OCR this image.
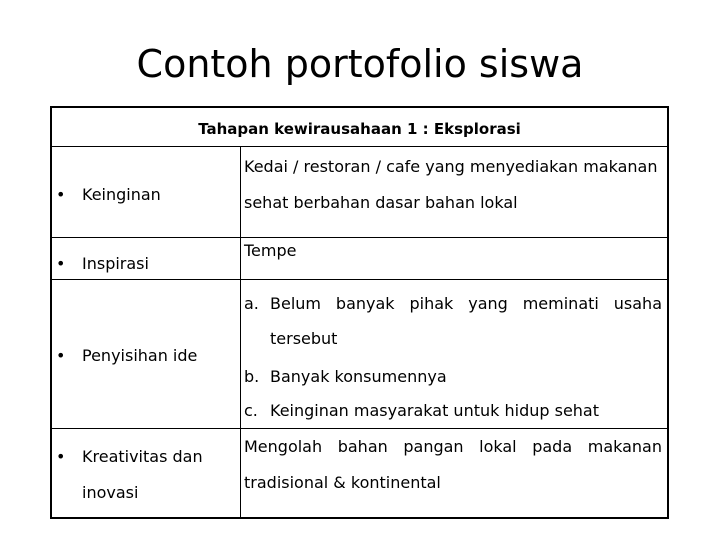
Contoh portofolio siswa
Tahapan kewirausahaan 1 : Eksplorasi
• Keinginan
Kedai / restoran / cafe yang menyediakan makanan
sehat berbahan dasar bahan lokal
• Inspirasi
Tempe
• Penyisihan ide
a. Belum banyak pihak yang meminati usaha
tersebut
b. Banyak konsumennya
c. Keinginan masyarakat untuk hidup sehat
• Kreativitas dan
inovasi
Mengolah bahan pangan lokal pada makanan
tradisional & kontinental
